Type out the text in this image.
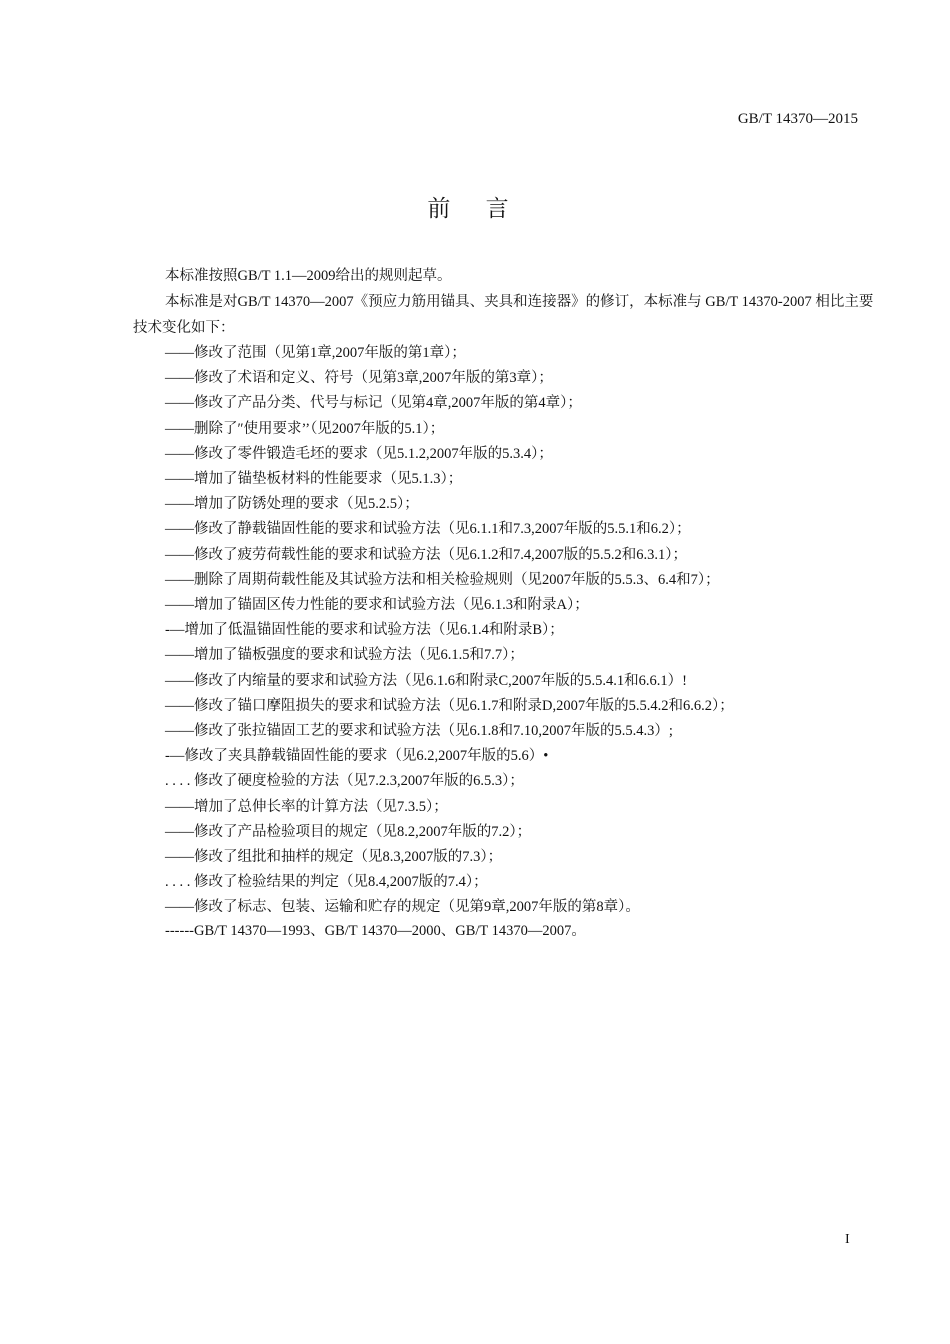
GB/T 14370—2015
前 言

本标准按照GB/T 1.1—2009给出的规则起草。

本标准是对GB/T 14370—2007《预应力筋用锚具、夹具和连接器》的修订，本标准与 GB/T 14370-2007 相比主要技术变化如下：

——修改了范围（见第1章,2007年版的第1章）；
——修改了术语和定义、符号（见第3章,2007年版的第3章）；
——修改了产品分类、代号与标记（见第4章,2007年版的第4章）；
——删除了″使用要求’’（见2007年版的5.1）；
——修改了零件锻造毛坯的要求（见5.1.2,2007年版的5.3.4）；
——增加了锚垫板材料的性能要求（见5.1.3）；
——增加了防锈处理的要求（见5.2.5）；
——修改了静载锚固性能的要求和试验方法（见6.1.1和7.3,2007年版的5.5.1和6.2）；
——修改了疲劳荷载性能的要求和试验方法（见6.1.2和7.4,2007版的5.5.2和6.3.1）；
——删除了周期荷载性能及其试验方法和相关检验规则（见2007年版的5.5.3、6.4和7）；
——增加了锚固区传力性能的要求和试验方法（见6.1.3和附录A）；
-—增加了低温锚固性能的要求和试验方法（见6.1.4和附录B）；
——增加了锚板强度的要求和试验方法（见6.1.5和7.7）；
——修改了内缩量的要求和试验方法（见6.1.6和附录C,2007年版的5.5.4.1和6.6.1）!
——修改了锚口摩阻损失的要求和试验方法（见6.1.7和附录D,2007年版的5.5.4.2和6.6.2）；
——修改了张拉锚固工艺的要求和试验方法（见6.1.8和7.10,2007年版的5.5.4.3）;
-—修改了夹具静载锚固性能的要求（见6.2,2007年版的5.6）•
. . . . 修改了硬度检验的方法（见7.2.3,2007年版的6.5.3）；
——增加了总伸长率的计算方法（见7.3.5）；
——修改了产品检验项目的规定（见8.2,2007年版的7.2）；
——修改了组批和抽样的规定（见8.3,2007版的7.3）；
. . . . 修改了检验结果的判定（见8.4,2007版的7.4）；
——修改了标志、包装、运输和贮存的规定（见第9章,2007年版的第8章）。
------GB/T 14370—1993、GB/T 14370—2000、GB/T 14370—2007。
I
